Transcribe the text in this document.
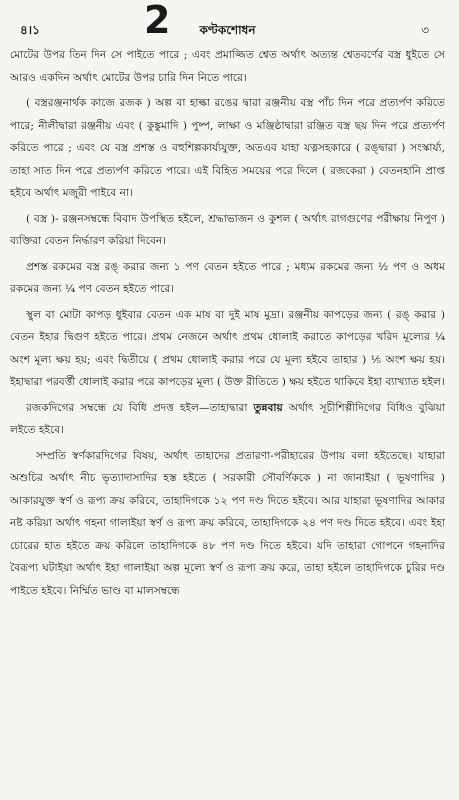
৪।১	2	কণ্টকশোধন	৩

মোটের উপর তিন দিন সে পাইতে পারে ; এবং প্রমাজ্জিত শ্বেত অর্থাৎ অত্যন্ত শ্বেতবর্ণের বস্ত্র ধুইতে সে আরও একদিন অর্থাৎ মোটের উপর চারি দিন নিতে পারে।

( বস্ত্ররঞ্জনার্থক কাজে রজক ) অল্প বা হাল্কা রঙের দ্বারা রঞ্জনীয় বস্ত্র পাঁচ দিন পরে প্রত্যর্পণ করিতে পারে; নীলীদ্বারা রঞ্জনীয় এবং ( কুঙ্কুমাদি ) পুষ্প, লাক্ষা ও মঞ্জিষ্ঠাদ্বারা রঞ্জিত বস্ত্র ছয় দিন পরে প্রত্যর্পণ করিতে পারে ; এবং যে বস্ত্র প্রশস্ত ও বহুশিল্পকার্য্যযুক্ত, অতএব যাহা যত্নসহকারে ( রঙ্দ্বারা ) সংস্কার্য্য, তাহা সাত দিন পরে প্রত্যর্পণ করিতে পারে। এই বিহিত সময়ের পরে দিলে ( রজকেরা ) বেতনহানি প্রাপ্ত হইবে অর্থাৎ মজুরী পাইবে না।

( বস্ত্র )- রঞ্জনসম্বন্ধে বিবাদ উপস্থিত হইলে, শ্রদ্ধাভাজন ও কুশল ( অর্থাৎ রাগগুণের পরীক্ষায় নিপুণ ) ব্যক্তিরা বেতন নির্দ্ধারণ করিয়া দিবেন।

প্রশস্ত রকমের বস্ত্র রঙ্ করার জন্য ১ পণ বেতন হইতে পারে ; মধ্যম রকমের জন্য ½ পণ ও অধম রকমের জন্য ¼ পণ বেতন হইতে পারে।

স্থুল বা মোটা কাপড় ধুইবার বেতন এক মাষ বা দুই মাষ মুদ্রা। রঞ্জনীয় কাপড়ের জন্য ( রঙ্ করার ) বেতন ইহার দ্বিগুণ হইতে পারে। প্রথম নেজনে অর্থাৎ প্রথম ধোলাই করাতে কাপড়ের খরিদ মূল্যের ¼ অংশ মূল্য ক্ষয় হয়; এবং দ্বিতীয়ে ( প্রথম ধোলাই করার পরে যে মূল্য হইবে তাহার ) ⅕ অংশ ক্ষয় হয়। ইহাদ্বারা পরবর্ত্তী ধোলাই করার পরে কাপড়ের মূল্য ( উক্ত রীতিতে ) ক্ষয় হইতে থাকিবে ইহা ব্যাখ্যাত হইল।

রজকদিগের সম্বন্ধে যে বিধি প্রদত্ত হইল—তাহাদ্বারা তুন্নবায় অর্থাৎ সূচীশিল্পীদিগের বিধিও বুঝিয়া লইতে হইবে।

সম্প্রতি স্বর্ণকারদিগের বিষয়, অর্থাৎ তাহাদের প্রতারণা-পরীহারের উপায় বলা হইতেছে। যাহারা অশুচির অর্থাৎ নীচ ভৃত্যাদাসাদির হস্ত হইতে ( সরকারী সৌবর্ণিককে ) না জানাইয়া ( ভূষণাদির ) আকারযুক্ত স্বর্ণ ও রূপ্য ক্রয় করিবে, তাহাদিগকে ১২ পণ দণ্ড দিতে হইবে। আর যাহারা ভূষণাদির আকার নষ্ট করিয়া অর্থাৎ গহনা গালাইয়া স্বর্ণ ও রূপ্য ক্রয় করিবে, তাহাদিগকে ২৪ পণ দণ্ড দিতে হইবে। এবং ইহা চোরের হাত হইতে ক্রয় করিলে তাহাদিগকে ৪৮ পণ দণ্ড দিতে হইবে। যদি তাহারা গোপনে গহনাদির বৈরূপ্য ঘটাইয়া অর্থাৎ ইহা গালাইয়া অল্প মূল্যে স্বর্ণ ও রূপ্য ক্রয় করে, তাহা হইলে তাহাদিগকে চুরির দণ্ড পাইতে হইবে। নির্ম্মিত ভাণ্ড বা মালসম্বন্ধে
